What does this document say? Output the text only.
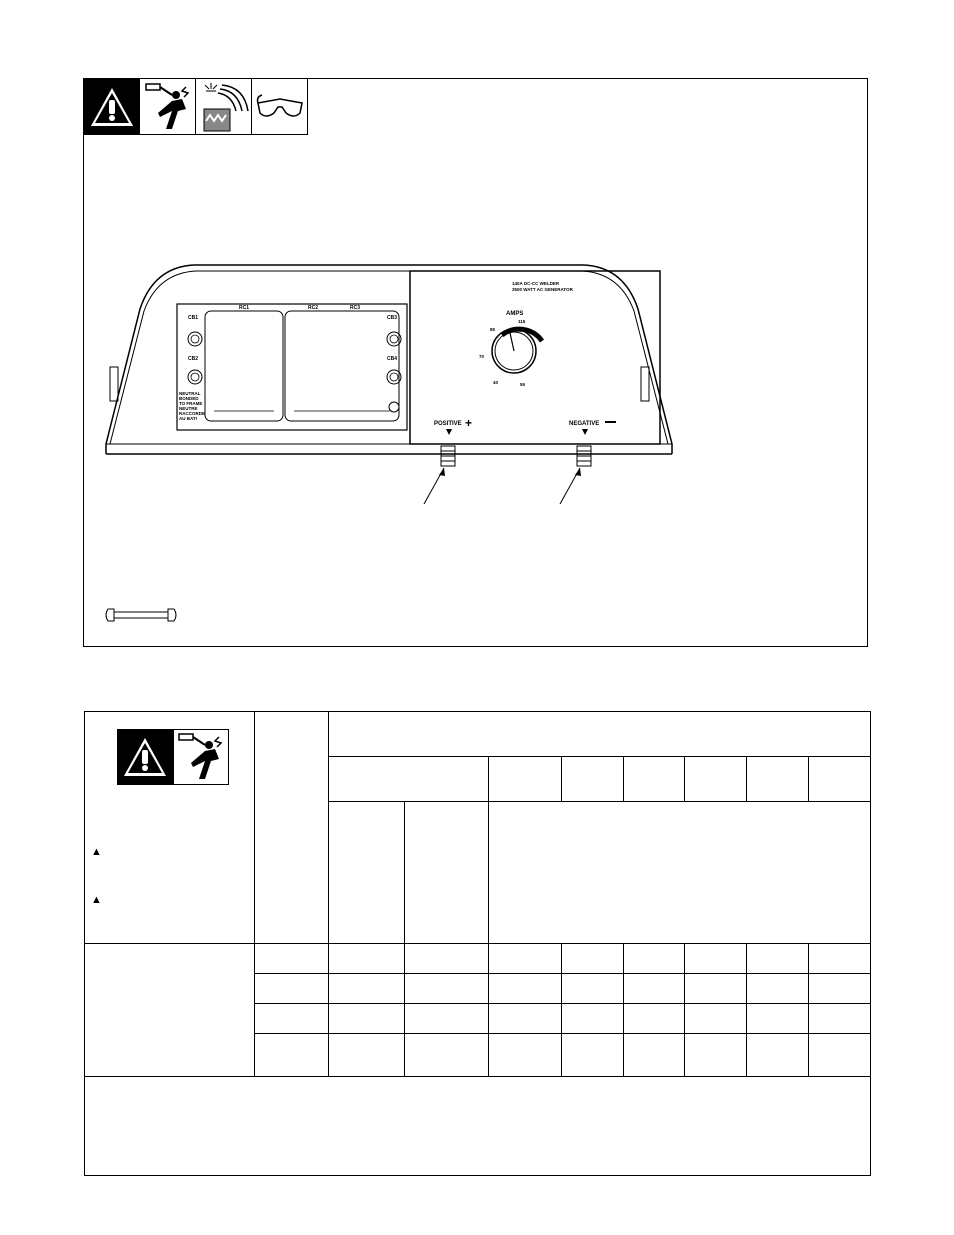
RC1	RC2	RC3
CB1
CB2
CB3
CB4
NEUTRAL
BONDED
TO FRAME
NEUTRE
RACCORDE
AU BATI
140A DC-CC WELDER
3500 WATT AC GENERATOR
AMPS
40
70
85
115
55
POSITIVE +	NEGATIVE
▲
▲									
